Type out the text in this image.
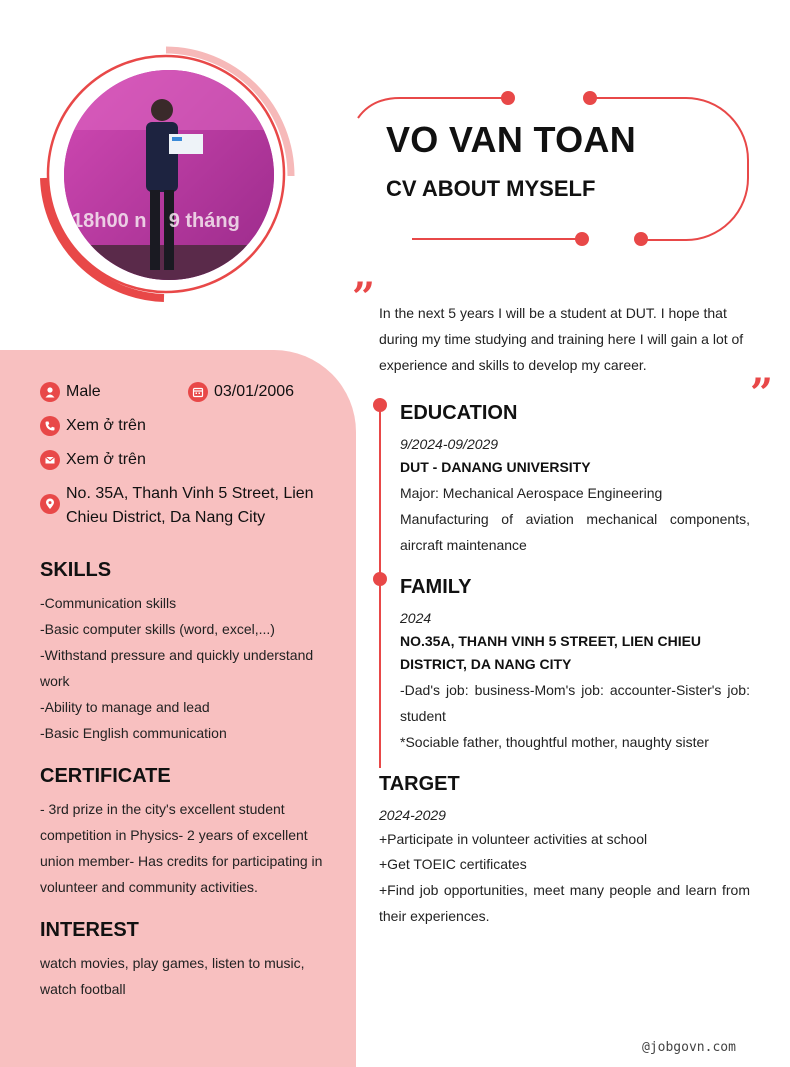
18h00 n    9 tháng
VO VAN TOAN
CV ABOUT MYSELF
”
”
In the next 5 years I will be a student at DUT. I hope that during my time studying and training here I will gain a lot of experience and skills to develop my career.
Male	03/01/2006
Xem ở trên
Xem ở trên
No. 35A, Thanh Vinh 5 Street, Lien Chieu District, Da Nang City
SKILLS
-Communication skills
-Basic computer skills (word, excel,...)
-Withstand pressure and quickly understand work
-Ability to manage and lead
-Basic English communication
CERTIFICATE
- 3rd prize in the city's excellent student competition in Physics- 2 years of excellent union member- Has credits for participating in volunteer and community activities.
INTEREST
watch movies, play games, listen to music, watch football
EDUCATION
9/2024-09/2029
DUT - DANANG UNIVERSITY
Major: Mechanical Aerospace Engineering
Manufacturing of aviation mechanical components, aircraft maintenance
FAMILY
2024
NO.35A, THANH VINH 5 STREET, LIEN CHIEU DISTRICT, DA NANG CITY
-Dad's job: business-Mom's job: accounter-Sister's job: student
*Sociable father, thoughtful mother, naughty sister
TARGET
2024-2029
+Participate in volunteer activities at school
+Get TOEIC certificates
+Find job opportunities, meet many people and learn from their experiences.
@jobgovn.com
